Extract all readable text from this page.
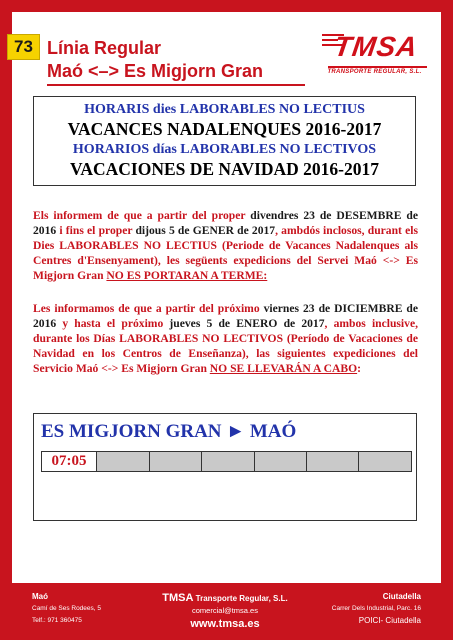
73 Línia Regular
Maó <–> Es Migjorn Gran
TMSA
TRANSPORTE REGULAR, S.L.
HORARIS dies LABORABLES NO LECTIUS
VACANCES NADALENQUES 2016-2017
HORARIOS días LABORABLES NO LECTIVOS
VACACIONES DE NAVIDAD 2016-2017
Els informem de que a partir del proper divendres 23 de DESEMBRE de 2016 i fins el proper dijous 5 de GENER de 2017, ambdós inclosos, durant els Dies LABORABLES NO LECTIUS (Periode de Vacances Nadalenques als Centres d'Ensenyament), les següents expedicions del Servei Maó <-> Es Migjorn Gran NO ES PORTARAN A TERME:
Les informamos de que a partir del próximo viernes 23 de DICIEMBRE de 2016 y hasta el próximo jueves 5 de ENERO de 2017, ambos inclusive, durante los Días LABORABLES NO LECTIVOS (Período de Vacaciones de Navidad en los Centros de Enseñanza), las siguientes expediciones del Servicio Maó <-> Es Migjorn Gran NO SE LLEVARÁN A CABO:
ES MIGJORN GRAN ► MAÓ
07:05
Maó
Camí de Ses Rodees, 5
Telf.: 971 360475
TMSA Transporte Regular, S.L.
comercial@tmsa.es
www.tmsa.es
Ciutadella
Carrer Dels Industrial, Parc. 16
POICI- Ciutadella
